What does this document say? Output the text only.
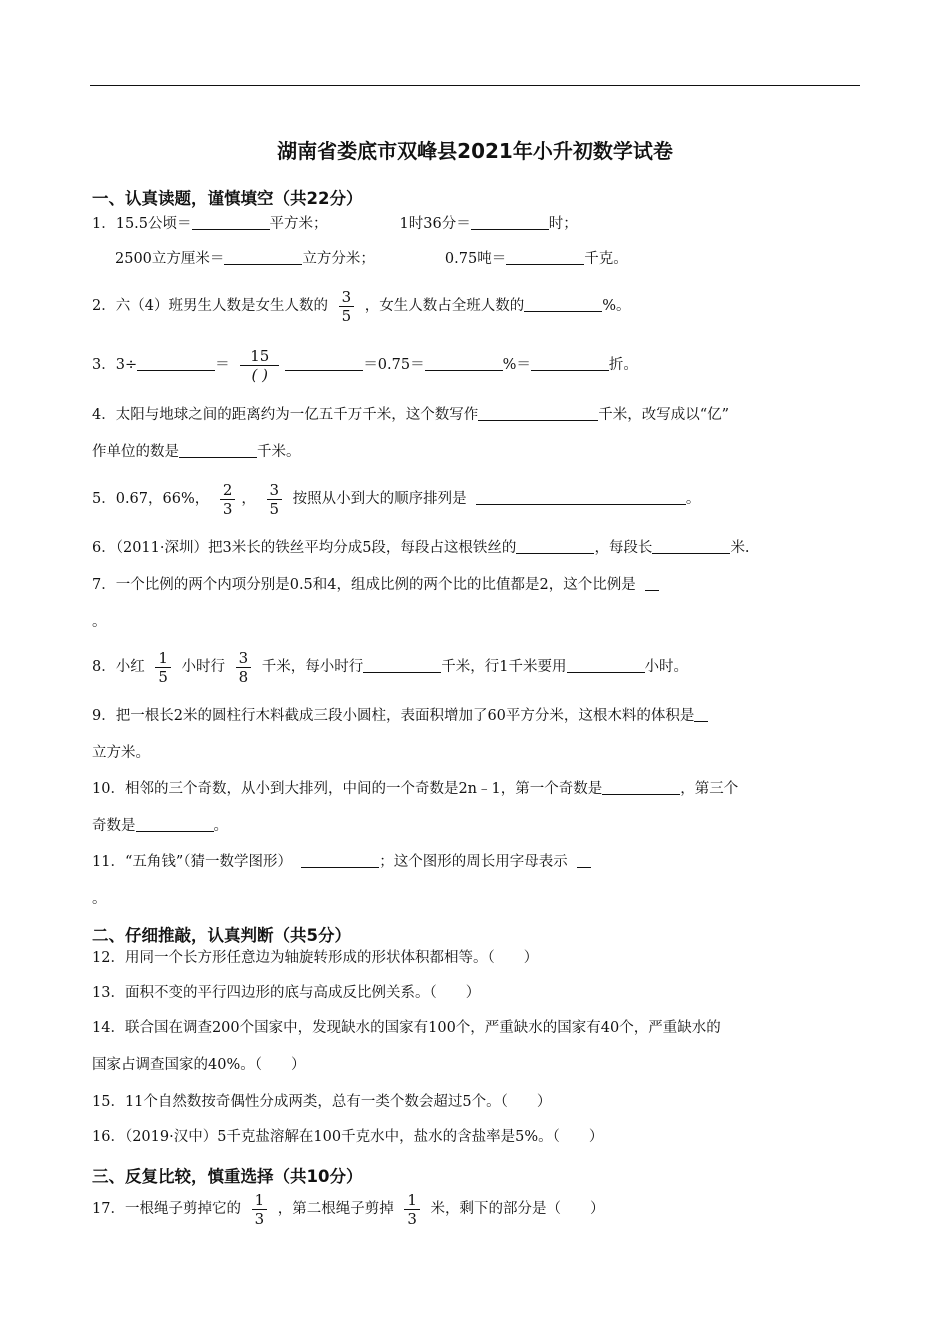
湖南省娄底市双峰县2021年小升初数学试卷
一、认真读题，谨慎填空（共22分）
1．15.5公顷＝	平方米；	1时36分＝	时；
2500立方厘米＝	立方分米；	0.75吨＝	千克。
2．六（4）班男生人数是女生人数的 $\frac{3}{5}$ ，女生人数占全班人数的	%。
3．3÷	＝ $\frac{15}{( )}$	＝0.75＝	%＝	折。
4．太阳与地球之间的距离约为一亿五千万千米，这个数写作	千米，改写成以“亿”
作单位的数是	千米。
5．0.67，66%， $\frac{2}{3}$ ， $\frac{3}{5}$ 按照从小到大的顺序排列是	。
6．（2011·深圳）把3米长的铁丝平均分成5段，每段占这根铁丝的	，每段长	米.
7．一个比例的两个内项分别是0.5和4，组成比例的两个比的比值都是2，这个比例是
。
8．小红 $\frac{1}{5}$ 小时行 $\frac{3}{8}$ 千米，每小时行	千米，行1千米要用	小时。
9．把一根长2米的圆柱行木料截成三段小圆柱，表面积增加了60平方分米，这根木料的体积是
立方米。
10．相邻的三个奇数，从小到大排列，中间的一个奇数是2n﹣1，第一个奇数是	，第三个
奇数是	。
11．“五角钱”（猜一数学图形）	；这个图形的周长用字母表示
。
二、仔细推敲，认真判断（共5分）
12．用同一个长方形任意边为轴旋转形成的形状体积都相等。（　　）
13．面积不变的平行四边形的底与高成反比例关系。（　　）
14．联合国在调查200个国家中，发现缺水的国家有100个，严重缺水的国家有40个，严重缺水的
国家占调查国家的40%。（　　）
15．11个自然数按奇偶性分成两类，总有一类个数会超过5个。（　　）
16．（2019·汉中）5千克盐溶解在100千克水中，盐水的含盐率是5%。（　　）
三、反复比较，慎重选择（共10分）
17．一根绳子剪掉它的 $\frac{1}{3}$ ，第二根绳子剪掉 $\frac{1}{3}$ 米，剩下的部分是（　　）
